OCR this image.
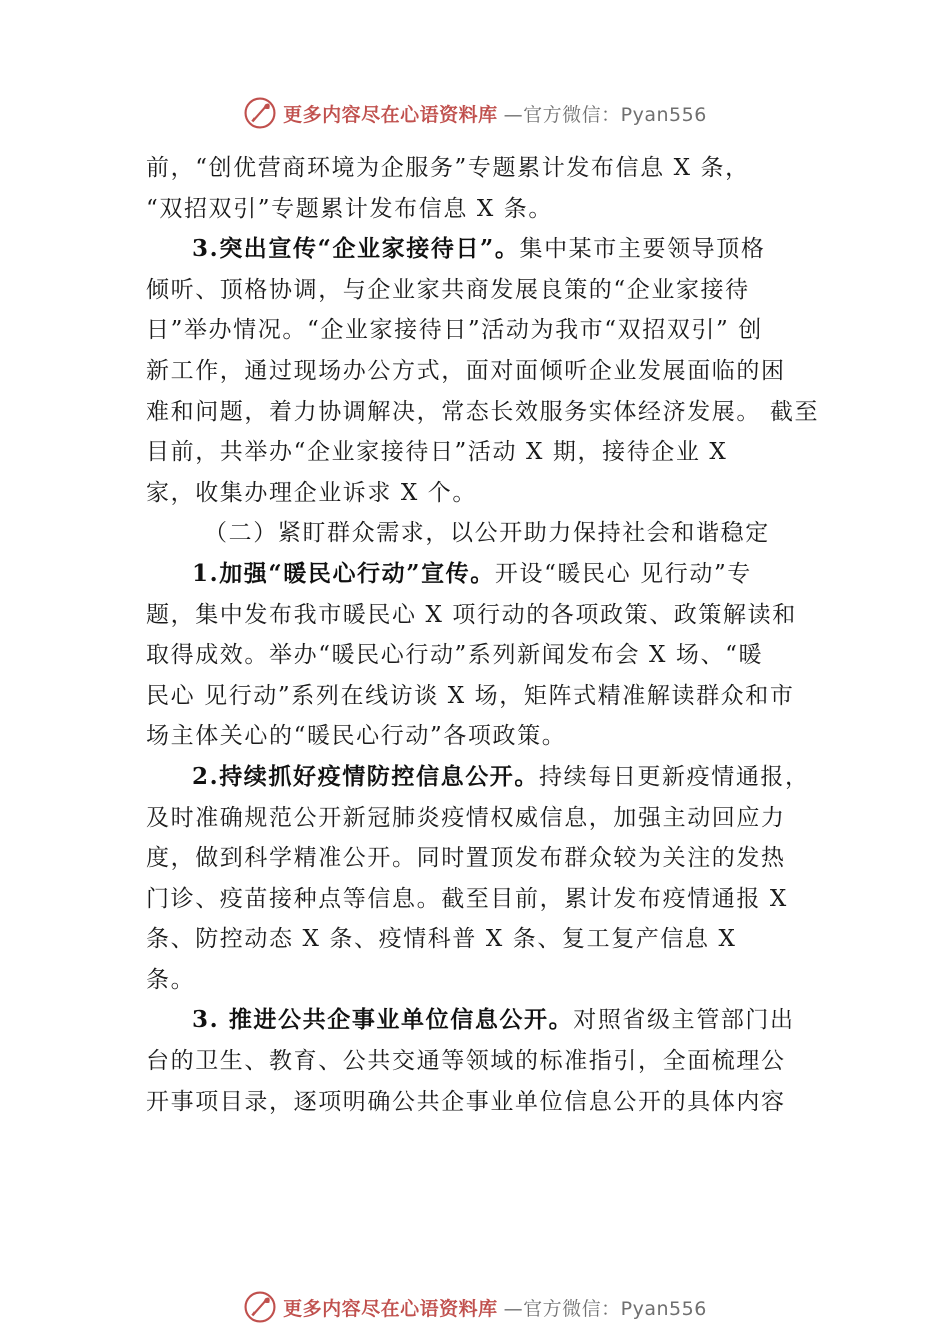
更多内容尽在心语资料库 —官方微信：Pyan556

前，“创优营商环境为企服务”专题累计发布信息 X 条，
“双招双引”专题累计发布信息 X 条。

3.突出宣传“企业家接待日”。集中某市主要领导顶格
倾听、顶格协调，与企业家共商发展良策的“企业家接待
日”举办情况。“企业家接待日”活动为我市“双招双引” 创
新工作，通过现场办公方式，面对面倾听企业发展面临的困
难和问题，着力协调解决，常态长效服务实体经济发展。 截至
目前，共举办“企业家接待日”活动 X 期，接待企业 X
家，收集办理企业诉求 X 个。

（二）紧盯群众需求，以公开助力保持社会和谐稳定

1.加强“暖民心行动”宣传。开设“暖民心 见行动”专
题，集中发布我市暖民心 X 项行动的各项政策、政策解读和
取得成效。举办“暖民心行动”系列新闻发布会 X 场、“暖
民心 见行动”系列在线访谈 X 场，矩阵式精准解读群众和市
场主体关心的“暖民心行动”各项政策。

2.持续抓好疫情防控信息公开。持续每日更新疫情通报，
及时准确规范公开新冠肺炎疫情权威信息，加强主动回应力
度，做到科学精准公开。同时置顶发布群众较为关注的发热
门诊、疫苗接种点等信息。截至目前，累计发布疫情通报 X
条、防控动态 X 条、疫情科普 X 条、复工复产信息 X
条。

3. 推进公共企事业单位信息公开。对照省级主管部门出
台的卫生、教育、公共交通等领域的标准指引，全面梳理公
开事项目录，逐项明确公共企事业单位信息公开的具体内容

更多内容尽在心语资料库 —官方微信：Pyan556
